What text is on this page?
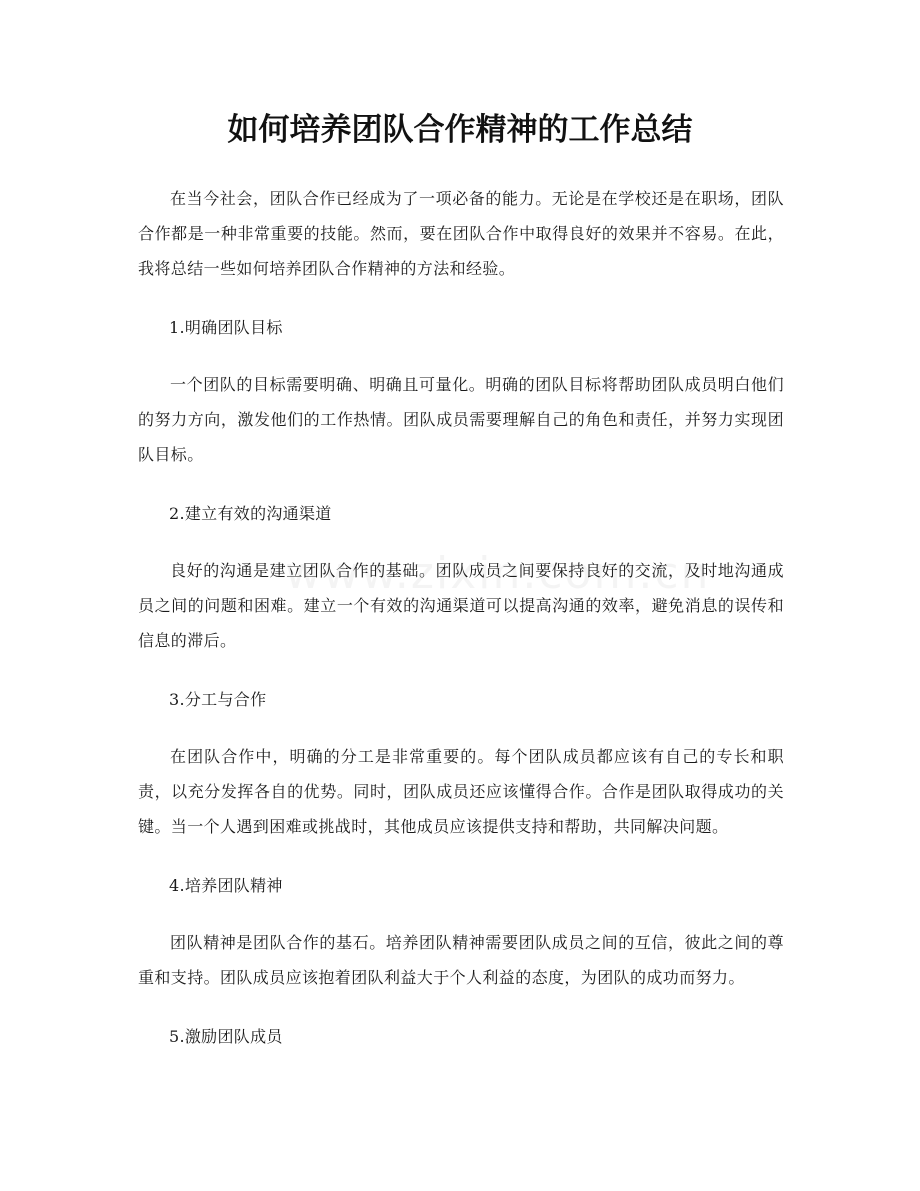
如何培养团队合作精神的工作总结

在当今社会，团队合作已经成为了一项必备的能力。无论是在学校还是在职场，团队合作都是一种非常重要的技能。然而，要在团队合作中取得良好的效果并不容易。在此，我将总结一些如何培养团队合作精神的方法和经验。

1.明确团队目标

一个团队的目标需要明确、明确且可量化。明确的团队目标将帮助团队成员明白他们的努力方向，激发他们的工作热情。团队成员需要理解自己的角色和责任，并努力实现团队目标。

2.建立有效的沟通渠道

良好的沟通是建立团队合作的基础。团队成员之间要保持良好的交流，及时地沟通成员之间的问题和困难。建立一个有效的沟通渠道可以提高沟通的效率，避免消息的误传和信息的滞后。

3.分工与合作

在团队合作中，明确的分工是非常重要的。每个团队成员都应该有自己的专长和职责，以充分发挥各自的优势。同时，团队成员还应该懂得合作。合作是团队取得成功的关键。当一个人遇到困难或挑战时，其他成员应该提供支持和帮助，共同解决问题。

4.培养团队精神

团队精神是团队合作的基石。培养团队精神需要团队成员之间的互信，彼此之间的尊重和支持。团队成员应该抱着团队利益大于个人利益的态度，为团队的成功而努力。

5.激励团队成员
